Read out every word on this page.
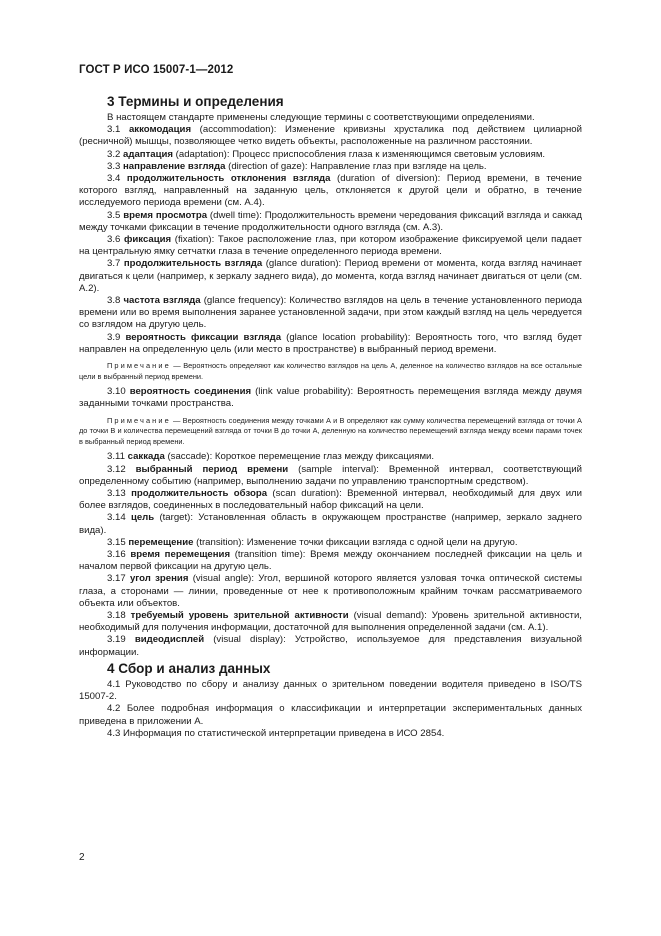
ГОСТ Р ИСО 15007-1—2012
3 Термины и определения

В настоящем стандарте применены следующие термины с соответствующими определениями.

3.1 аккомодация (accommodation): Изменение кривизны хрусталика под действием цилиарной (ресничной) мышцы, позволяющее четко видеть объекты, расположенные на различном расстоянии.

3.2 адаптация (adaptation): Процесс приспособления глаза к изменяющимся световым условиям.

3.3 направление взгляда (direction of gaze): Направление глаз при взгляде на цель.

3.4 продолжительность отклонения взгляда (duration of diversion): Период времени, в течение которого взгляд, направленный на заданную цель, отклоняется к другой цели и обратно, в течение исследуемого периода времени (см. А.4).

3.5 время просмотра (dwell time): Продолжительность времени чередования фиксаций взгляда и саккад между точками фиксации в течение продолжительности одного взгляда (см. А.3).

3.6 фиксация (fixation): Такое расположение глаз, при котором изображение фиксируемой цели падает на центральную ямку сетчатки глаза в течение определенного периода времени.

3.7 продолжительность взгляда (glance duration): Период времени от момента, когда взгляд начинает двигаться к цели (например, к зеркалу заднего вида), до момента, когда взгляд начинает двигаться от цели (см. А.2).

3.8 частота взгляда (glance frequency): Количество взглядов на цель в течение установленного периода времени или во время выполнения заранее установленной задачи, при этом каждый взгляд на цель чередуется со взглядом на другую цель.

3.9 вероятность фиксации взгляда (glance location probability): Вероятность того, что взгляд будет направлен на определенную цель (или место в пространстве) в выбранный период времени.

Примечание — Вероятность определяют как количество взглядов на цель А, деленное на количество взглядов на все остальные цели в выбранный период времени.

3.10 вероятность соединения (link value probability): Вероятность перемещения взгляда между двумя заданными точками пространства.

Примечание — Вероятность соединения между точками А и В определяют как сумму количества перемещений взгляда от точки А до точки В и количества перемещений взгляда от точки В до точки А, деленную на количество перемещений взгляда между всеми парами точек в выбранный период времени.

3.11 саккада (saccade): Короткое перемещение глаз между фиксациями.

3.12 выбранный период времени (sample interval): Временной интервал, соответствующий определенному событию (например, выполнению задачи по управлению транспортным средством).

3.13 продолжительность обзора (scan duration): Временной интервал, необходимый для двух или более взглядов, соединенных в последовательный набор фиксаций на цели.

3.14 цель (target): Установленная область в окружающем пространстве (например, зеркало заднего вида).

3.15 перемещение (transition): Изменение точки фиксации взгляда с одной цели на другую.

3.16 время перемещения (transition time): Время между окончанием последней фиксации на цель и началом первой фиксации на другую цель.

3.17 угол зрения (visual angle): Угол, вершиной которого является узловая точка оптической системы глаза, а сторонами — линии, проведенные от нее к противоположным крайним точкам рассматриваемого объекта или объектов.

3.18 требуемый уровень зрительной активности (visual demand): Уровень зрительной активности, необходимый для получения информации, достаточной для выполнения определенной задачи (см. А.1).

3.19 видеодисплей (visual display): Устройство, используемое для представления визуальной информации.

4 Сбор и анализ данных

4.1 Руководство по сбору и анализу данных о зрительном поведении водителя приведено в ISO/TS 15007-2.

4.2 Более подробная информация о классификации и интерпретации экспериментальных данных приведена в приложении А.

4.3 Информация по статистической интерпретации приведена в ИСО 2854.

2
